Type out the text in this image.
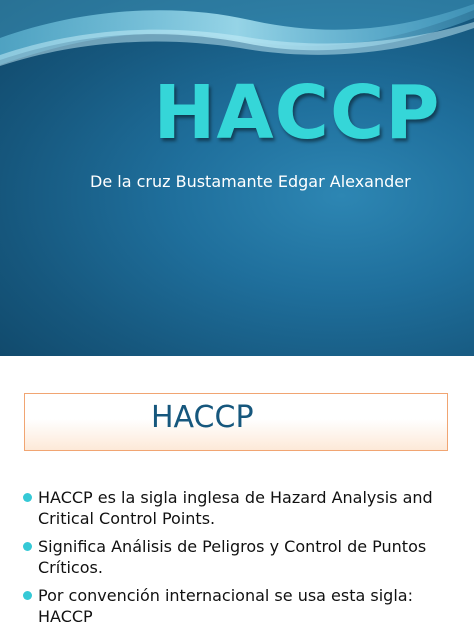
HACCP
De la cruz Bustamante Edgar Alexander
HACCP
HACCP es la sigla inglesa de Hazard Analysis and Critical Control Points.
Significa Análisis de Peligros y Control de Puntos Críticos.
Por convención internacional se usa esta sigla: HACCP
